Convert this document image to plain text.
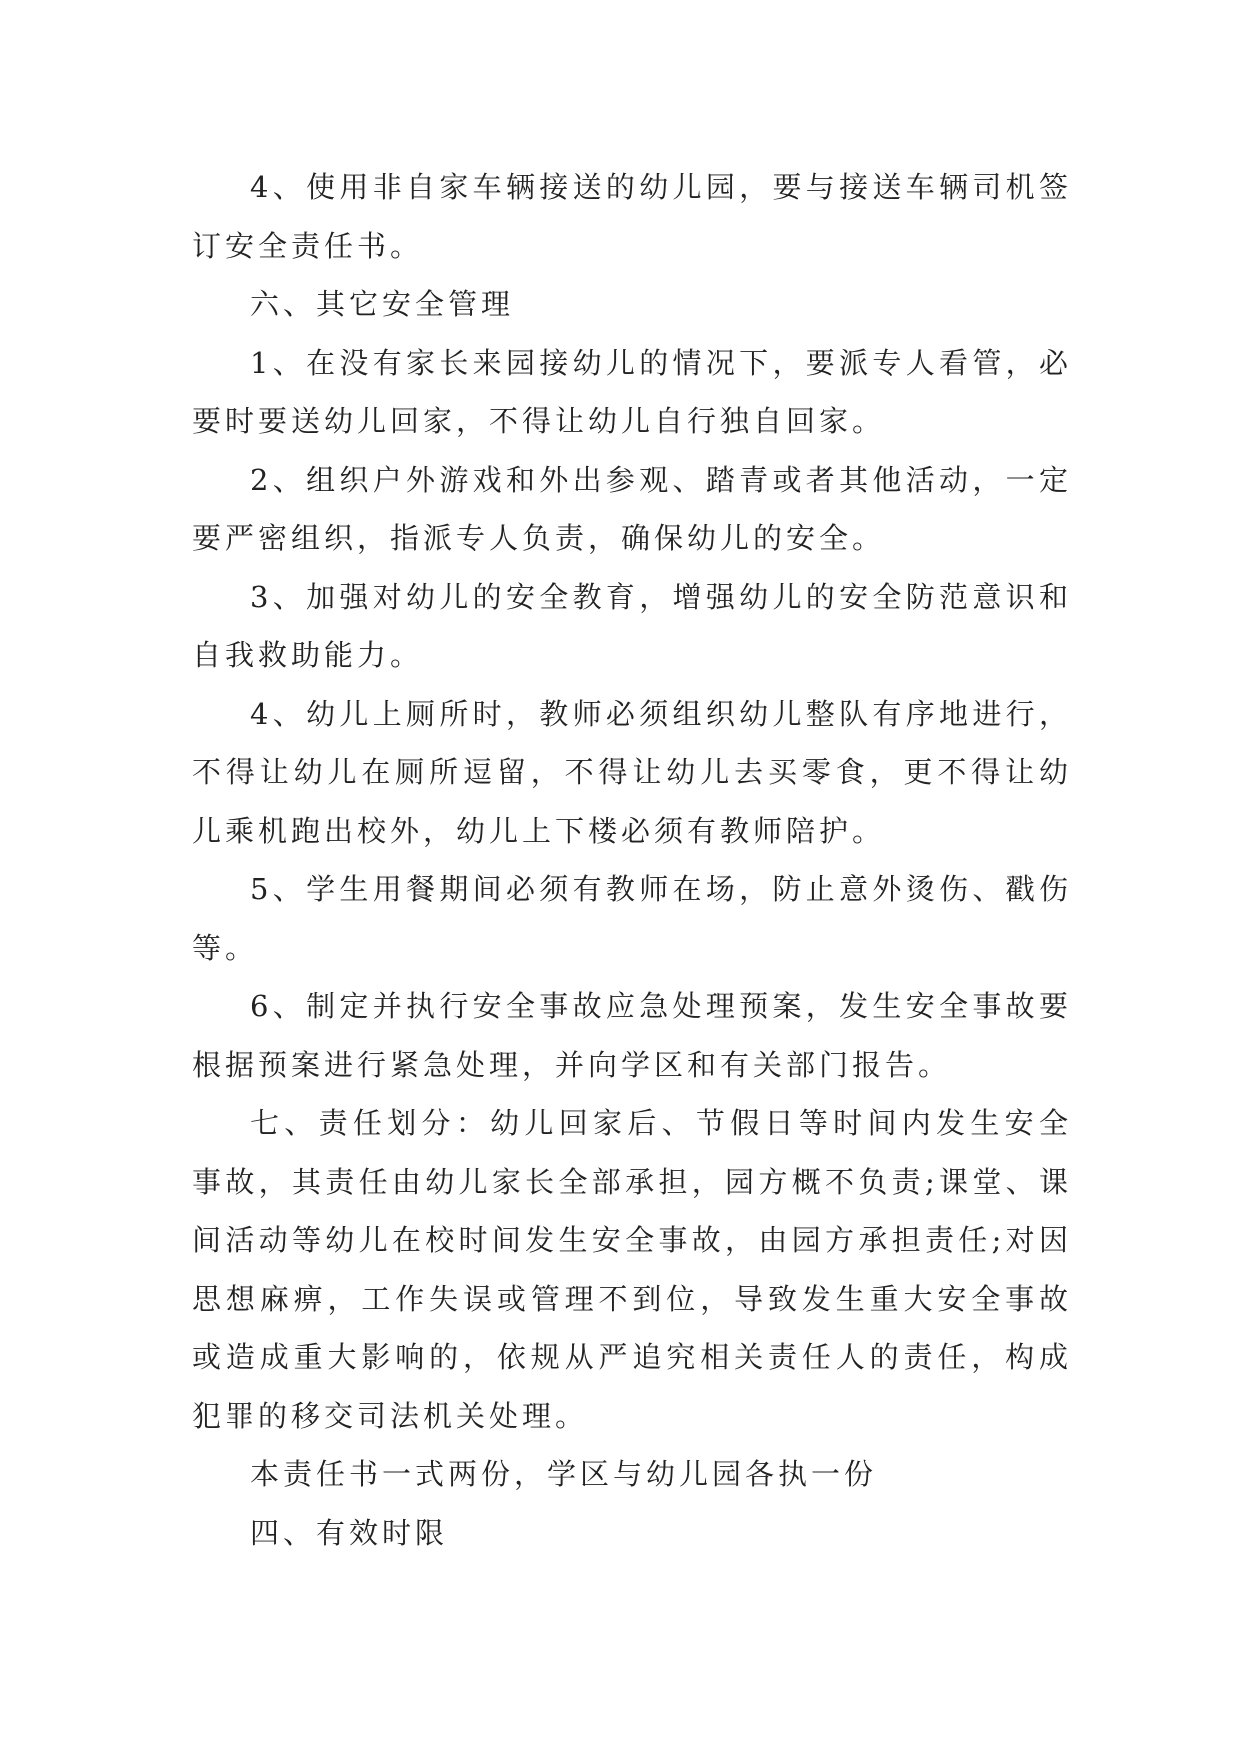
4、使用非自家车辆接送的幼儿园，要与接送车辆司机签订安全责任书。

六、其它安全管理

1、在没有家长来园接幼儿的情况下，要派专人看管，必要时要送幼儿回家，不得让幼儿自行独自回家。

2、组织户外游戏和外出参观、踏青或者其他活动，一定要严密组织，指派专人负责，确保幼儿的安全。

3、加强对幼儿的安全教育，增强幼儿的安全防范意识和自我救助能力。

4、幼儿上厕所时，教师必须组织幼儿整队有序地进行，不得让幼儿在厕所逗留，不得让幼儿去买零食，更不得让幼儿乘机跑出校外，幼儿上下楼必须有教师陪护。

5、学生用餐期间必须有教师在场，防止意外烫伤、戳伤等。

6、制定并执行安全事故应急处理预案，发生安全事故要根据预案进行紧急处理，并向学区和有关部门报告。

七、责任划分：幼儿回家后、节假日等时间内发生安全事故，其责任由幼儿家长全部承担，园方概不负责;课堂、课间活动等幼儿在校时间发生安全事故，由园方承担责任;对因思想麻痹，工作失误或管理不到位，导致发生重大安全事故或造成重大影响的，依规从严追究相关责任人的责任，构成犯罪的移交司法机关处理。

本责任书一式两份，学区与幼儿园各执一份

四、有效时限
